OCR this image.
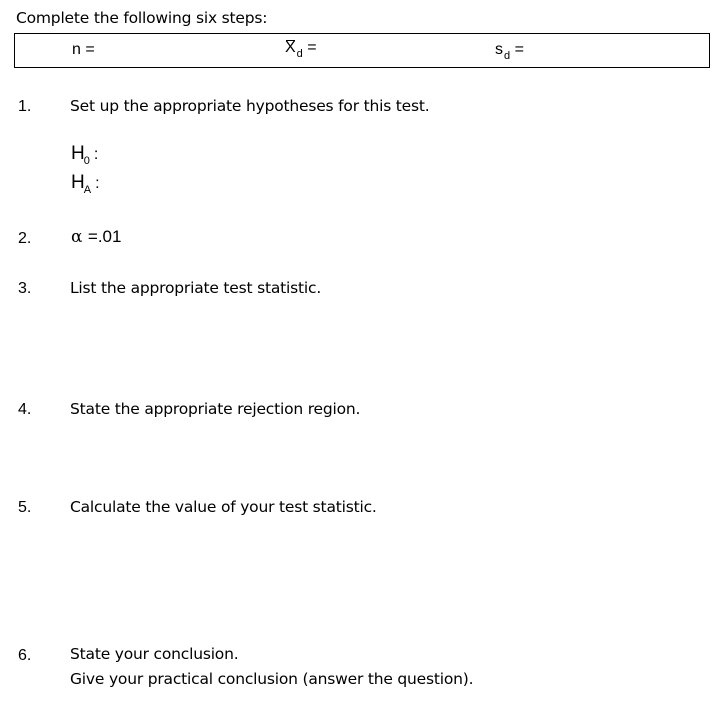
Complete the following six steps:
n =	$X_d$ =	$s_d$ =
1. Set up the appropriate hypotheses for this test.
$H_0$ :
$H_A$ :
2. α =.01
3. List the appropriate test statistic.
4. State the appropriate rejection region.
5. Calculate the value of your test statistic.
6. State your conclusion.
Give your practical conclusion (answer the question).
